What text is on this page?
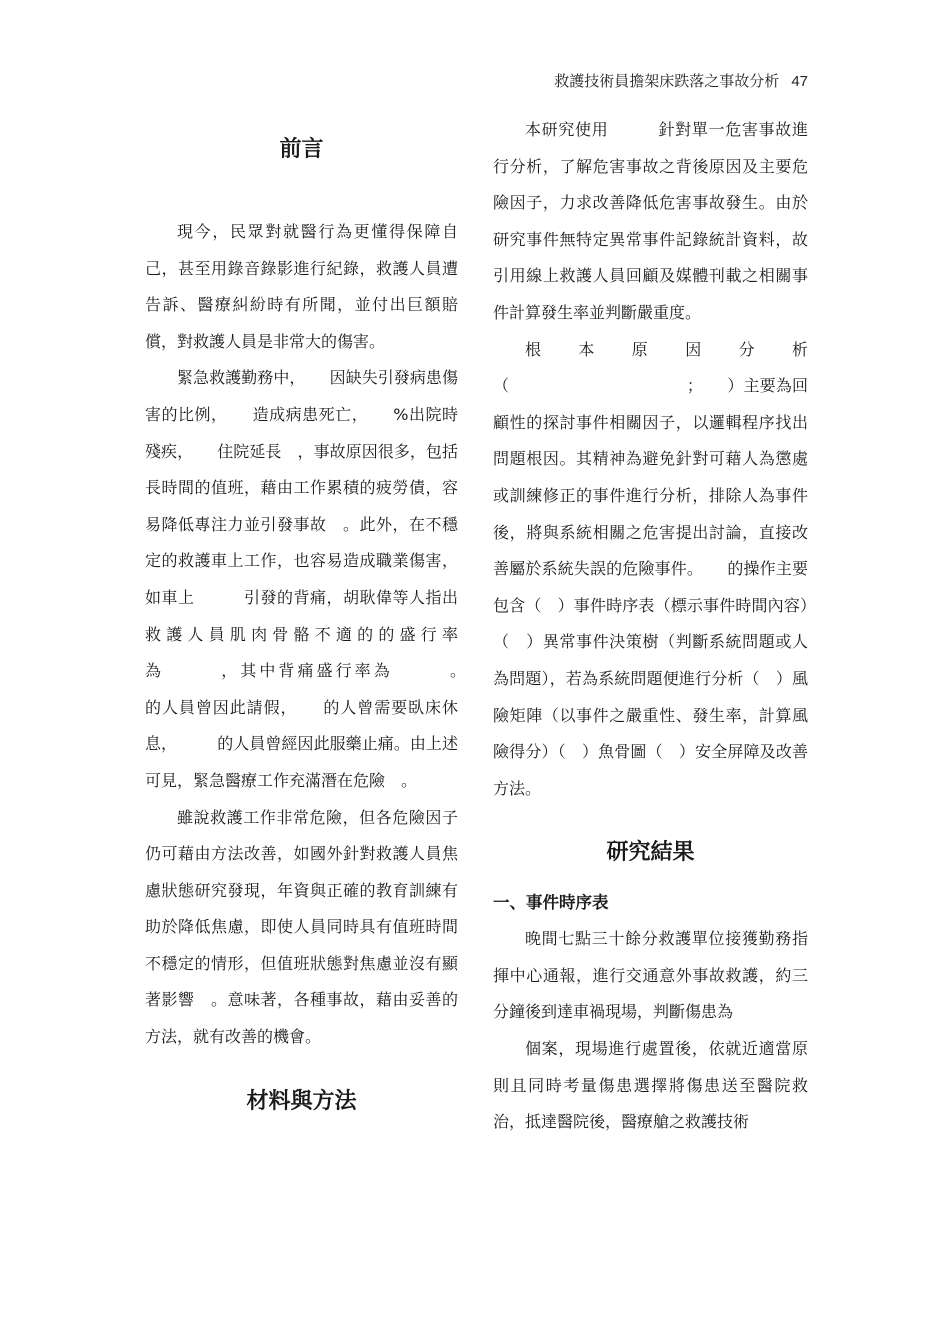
救護技術員擔架床跌落之事故分析 47
前言

現今，民眾對就醫行為更懂得保障自己，甚至用錄音錄影進行紀錄，救護人員遭告訴、醫療糾紛時有所聞，並付出巨額賠償，對救護人員是非常大的傷害。

緊急救護勤務中，　　因缺失引發病患傷害的比例，　　造成病患死亡，　　%出院時殘疾，　　住院延長　，事故原因很多，包括長時間的值班，藉由工作累積的疲勞債，容易降低專注力並引發事故　。此外，在不穩定的救護車上工作，也容易造成職業傷害，如車上　　　引發的背痛，胡耿偉等人指出救護人員肌肉骨骼不適的的盛行率為　　　，其中背痛盛行率為　　　。　　　的人員曾因此請假，　　的人曾需要臥床休息，　　　的人員曾經因此服藥止痛。由上述可見，緊急醫療工作充滿潛在危險　。

雖說救護工作非常危險，但各危險因子仍可藉由方法改善，如國外針對救護人員焦慮狀態研究發現，年資與正確的教育訓練有助於降低焦慮，即使人員同時具有值班時間不穩定的情形，但值班狀態對焦慮並沒有顯著影響　。意味著，各種事故，藉由妥善的方法，就有改善的機會。

材料與方法

本研究使用　　　針對單一危害事故進行分析，了解危害事故之背後原因及主要危險因子，力求改善降低危害事故發生。由於研究事件無特定異常事件記錄統計資料，故引用線上救護人員回顧及媒體刊載之相關事件計算發生率並判斷嚴重度。

根本原因分析（　　　　　　　　　　　；　　）主要為回顧性的探討事件相關因子，以邏輯程序找出問題根因。其精神為避免針對可藉人為懲處或訓練修正的事件進行分析，排除人為事件後，將與系統相關之危害提出討論，直接改善屬於系統失誤的危險事件。　　的操作主要包含（　）事件時序表（標示事件時間內容）（　）異常事件決策樹（判斷系統問題或人為問題），若為系統問題便進行分析（　）風險矩陣（以事件之嚴重性、發生率，計算風險得分）（　）魚骨圖（　）安全屏障及改善方法。

研究結果
一、事件時序表

晚間七點三十餘分救護單位接獲勤務指揮中心通報，進行交通意外事故救護，約三分鐘後到達車禍現場，判斷傷患為

個案，現場進行處置後，依就近適當原則且同時考量傷患選擇將傷患送至醫院救治，抵達醫院後，醫療艙之救護技術
